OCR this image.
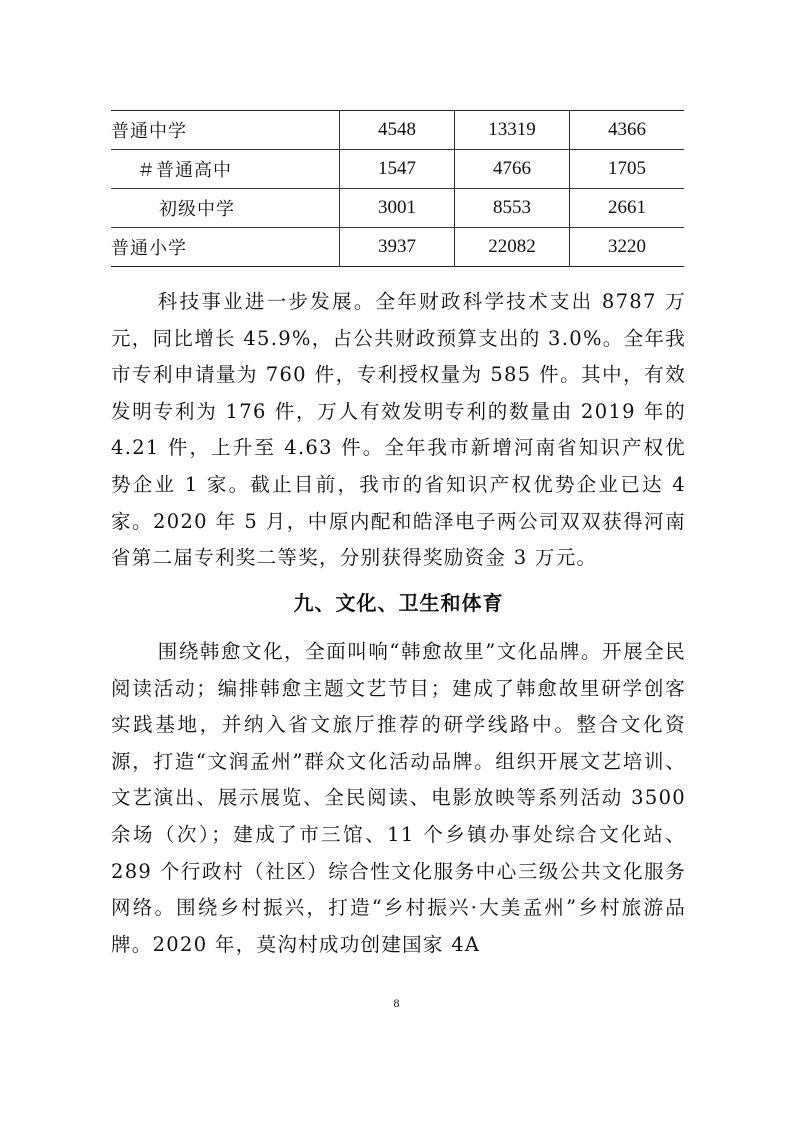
普通中学	4548	13319	4366
＃普通高中	1547	4766	1705
初级中学	3001	8553	2661
普通小学	3937	22082	3220

科技事业进一步发展。全年财政科学技术支出 8787 万元，同比增长 45.9%，占公共财政预算支出的 3.0%。全年我市专利申请量为 760 件，专利授权量为 585 件。其中，有效发明专利为 176 件，万人有效发明专利的数量由 2019 年的 4.21 件，上升至 4.63 件。全年我市新增河南省知识产权优势企业 1 家。截止目前，我市的省知识产权优势企业已达 4 家。2020 年 5 月，中原内配和皓泽电子两公司双双获得河南省第二届专利奖二等奖，分别获得奖励资金 3 万元。

九、文化、卫生和体育

围绕韩愈文化，全面叫响“韩愈故里”文化品牌。开展全民阅读活动；编排韩愈主题文艺节目；建成了韩愈故里研学创客实践基地，并纳入省文旅厅推荐的研学线路中。整合文化资源，打造“文润孟州”群众文化活动品牌。组织开展文艺培训、文艺演出、展示展览、全民阅读、电影放映等系列活动 3500 余场（次）；建成了市三馆、11 个乡镇办事处综合文化站、289 个行政村（社区）综合性文化服务中心三级公共文化服务网络。围绕乡村振兴，打造“乡村振兴·大美孟州”乡村旅游品牌。2020 年，莫沟村成功创建国家 4A

8
